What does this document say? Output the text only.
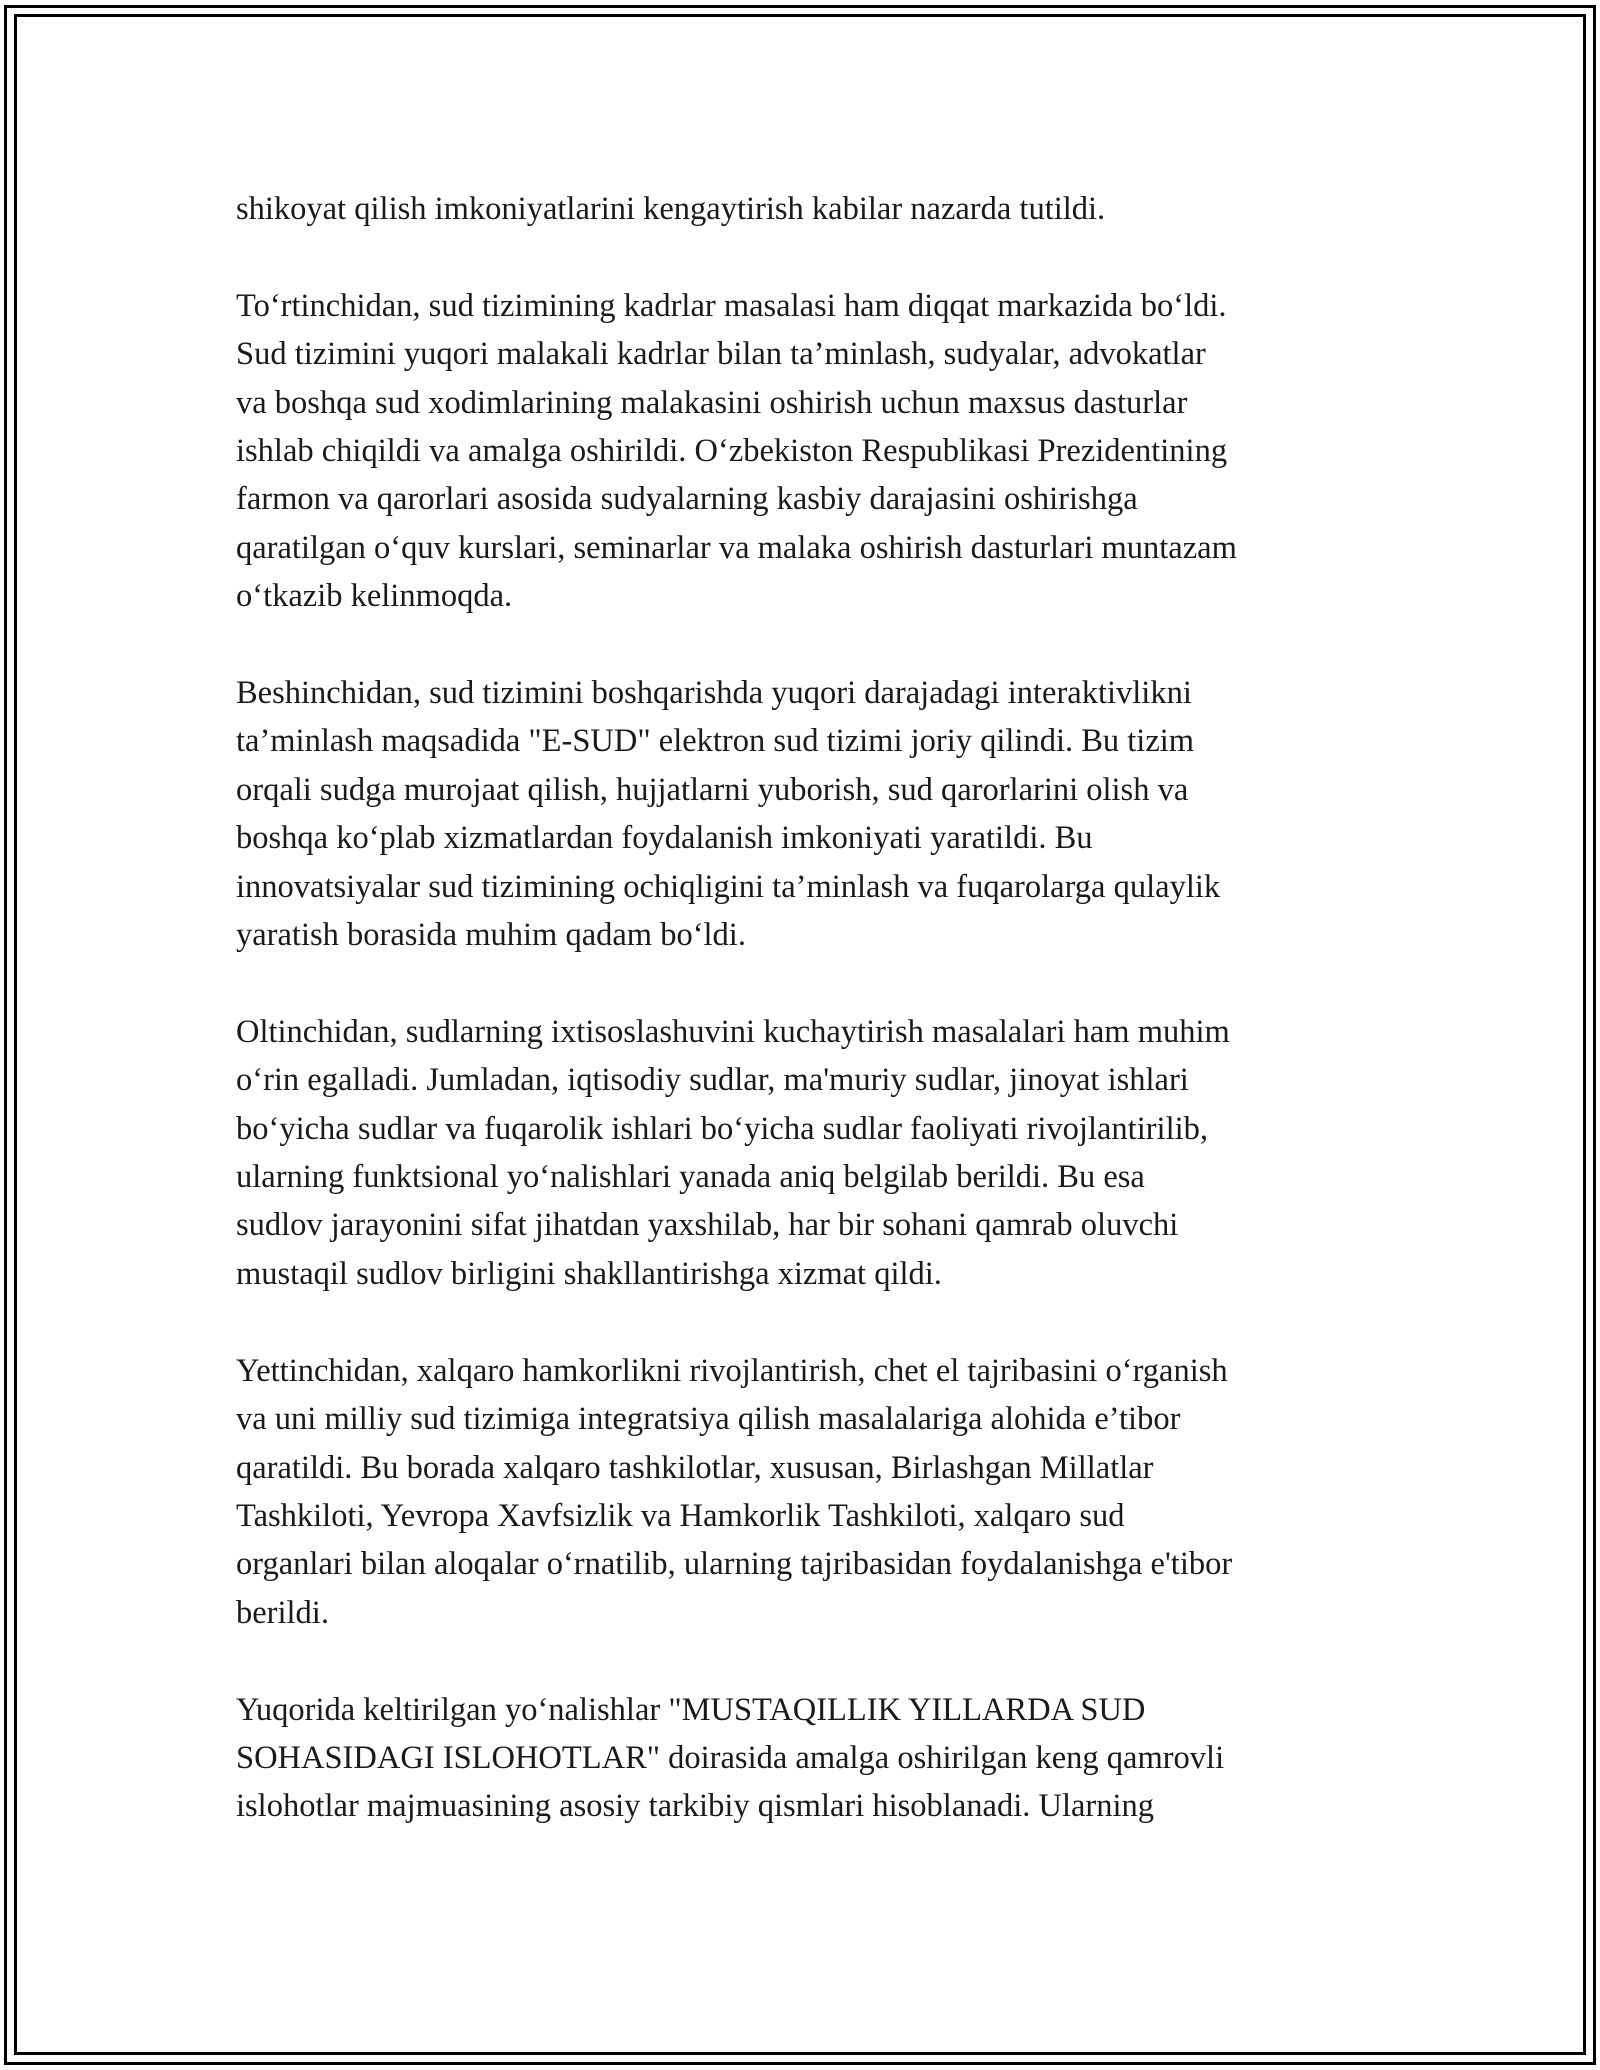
shikoyat qilish imkoniyatlarini kengaytirish kabilar nazarda tutildi.

To‘rtinchidan, sud tizimining kadrlar masalasi ham diqqat markazida bo‘ldi.
Sud tizimini yuqori malakali kadrlar bilan ta’minlash, sudyalar, advokatlar
va boshqa sud xodimlarining malakasini oshirish uchun maxsus dasturlar
ishlab chiqildi va amalga oshirildi. O‘zbekiston Respublikasi Prezidentining
farmon va qarorlari asosida sudyalarning kasbiy darajasini oshirishga
qaratilgan o‘quv kurslari, seminarlar va malaka oshirish dasturlari muntazam
o‘tkazib kelinmoqda.

Beshinchidan, sud tizimini boshqarishda yuqori darajadagi interaktivlikni
ta’minlash maqsadida "E-SUD" elektron sud tizimi joriy qilindi. Bu tizim
orqali sudga murojaat qilish, hujjatlarni yuborish, sud qarorlarini olish va
boshqa ko‘plab xizmatlardan foydalanish imkoniyati yaratildi. Bu
innovatsiyalar sud tizimining ochiqligini ta’minlash va fuqarolarga qulaylik
yaratish borasida muhim qadam bo‘ldi.

Oltinchidan, sudlarning ixtisoslashuvini kuchaytirish masalalari ham muhim
o‘rin egalladi. Jumladan, iqtisodiy sudlar, ma'muriy sudlar, jinoyat ishlari
bo‘yicha sudlar va fuqarolik ishlari bo‘yicha sudlar faoliyati rivojlantirilib,
ularning funktsional yo‘nalishlari yanada aniq belgilab berildi. Bu esa
sudlov jarayonini sifat jihatdan yaxshilab, har bir sohani qamrab oluvchi
mustaqil sudlov birligini shakllantirishga xizmat qildi.

Yettinchidan, xalqaro hamkorlikni rivojlantirish, chet el tajribasini o‘rganish
va uni milliy sud tizimiga integratsiya qilish masalalariga alohida e’tibor
qaratildi. Bu borada xalqaro tashkilotlar, xususan, Birlashgan Millatlar
Tashkiloti, Yevropa Xavfsizlik va Hamkorlik Tashkiloti, xalqaro sud
organlari bilan aloqalar o‘rnatilib, ularning tajribasidan foydalanishga e'tibor
berildi.

Yuqorida keltirilgan yo‘nalishlar "MUSTAQILLIK YILLARDA SUD
SOHASIDAGI ISLOHOTLAR" doirasida amalga oshirilgan keng qamrovli
islohotlar majmuasining asosiy tarkibiy qismlari hisoblanadi. Ularning
